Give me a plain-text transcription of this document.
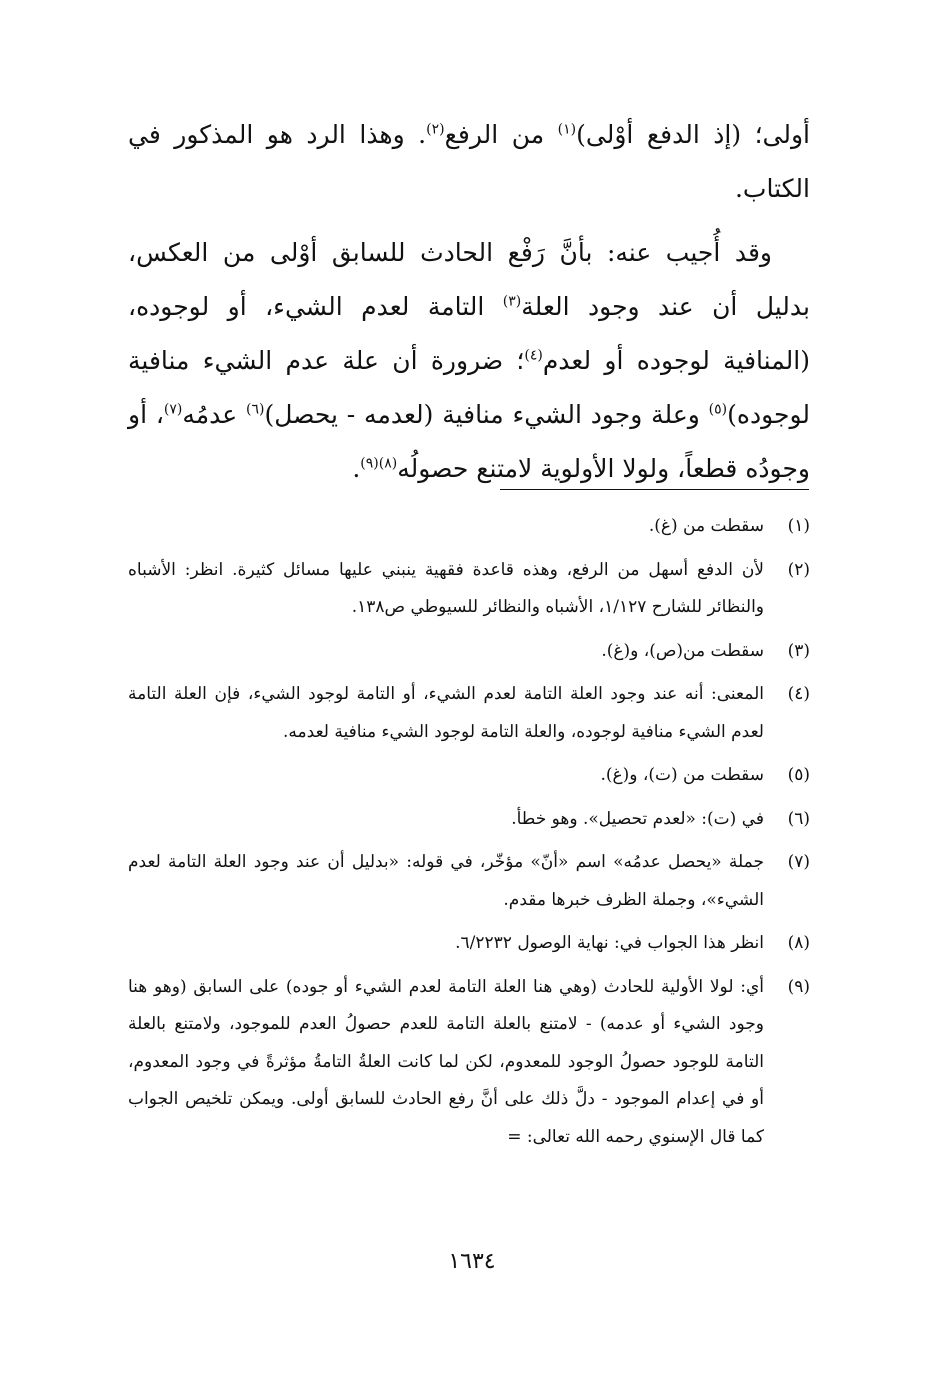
أولى؛ (إذ الدفع أوْلى)$^{(١)}$ من الرفع$^{(٢)}$. وهذا الرد هو المذكور في الكتاب.

وقد أُجيب عنه: بأنَّ رَفْع الحادث للسابق أوْلى من العكس، بدليل أن عند وجود العلة$^{(٣)}$ التامة لعدم الشيء، أو لوجوده، (المنافية لوجوده أو لعدم$^{(٤)}$؛ ضرورة أن علة عدم الشيء منافية لوجوده)$^{(٥)}$ وعلة وجود الشيء منافية (لعدمه - يحصل)$^{(٦)}$ عدمُه$^{(٧)}$، أو وجودُه قطعاً، ولولا الأولوية لامتنع حصولُه$^{(٨)(٩)}$.

(١)
سقطت من (غ).
(٢)
لأن الدفع أسهل من الرفع، وهذه قاعدة فقهية ينبني عليها مسائل كثيرة. انظر: الأشباه والنظائر للشارح ١/١٢٧، الأشباه والنظائر للسيوطي ص١٣٨.
(٣)
سقطت من(ص)، و(غ).
(٤)
المعنى: أنه عند وجود العلة التامة لعدم الشيء، أو التامة لوجود الشيء، فإن العلة التامة لعدم الشيء منافية لوجوده، والعلة التامة لوجود الشيء منافية لعدمه.
(٥)
سقطت من (ت)، و(غ).
(٦)
في (ت): «لعدم تحصيل». وهو خطأ.
(٧)
جملة «يحصل عدمُه» اسم «أنّ» مؤخّر، في قوله: «بدليل أن عند وجود العلة التامة لعدم الشيء»، وجملة الظرف خبرها مقدم.
(٨)
انظر هذا الجواب في: نهاية الوصول ٦/٢٢٣٢.
(٩)
أي: لولا الأولية للحادث (وهي هنا العلة التامة لعدم الشيء أو جوده) على السابق (وهو هنا وجود الشيء أو عدمه) - لامتنع بالعلة التامة للعدم حصولُ العدم للموجود، ولامتنع بالعلة التامة للوجود حصولُ الوجود للمعدوم، لكن لما كانت العلةُ التامةُ مؤثرةً في وجود المعدوم، أو في إعدام الموجود - دلَّ ذلك على أنَّ رفع الحادث للسابق أولى. ويمكن تلخيص الجواب كما قال الإسنوي رحمه الله تعالى: =
١٦٣٤
